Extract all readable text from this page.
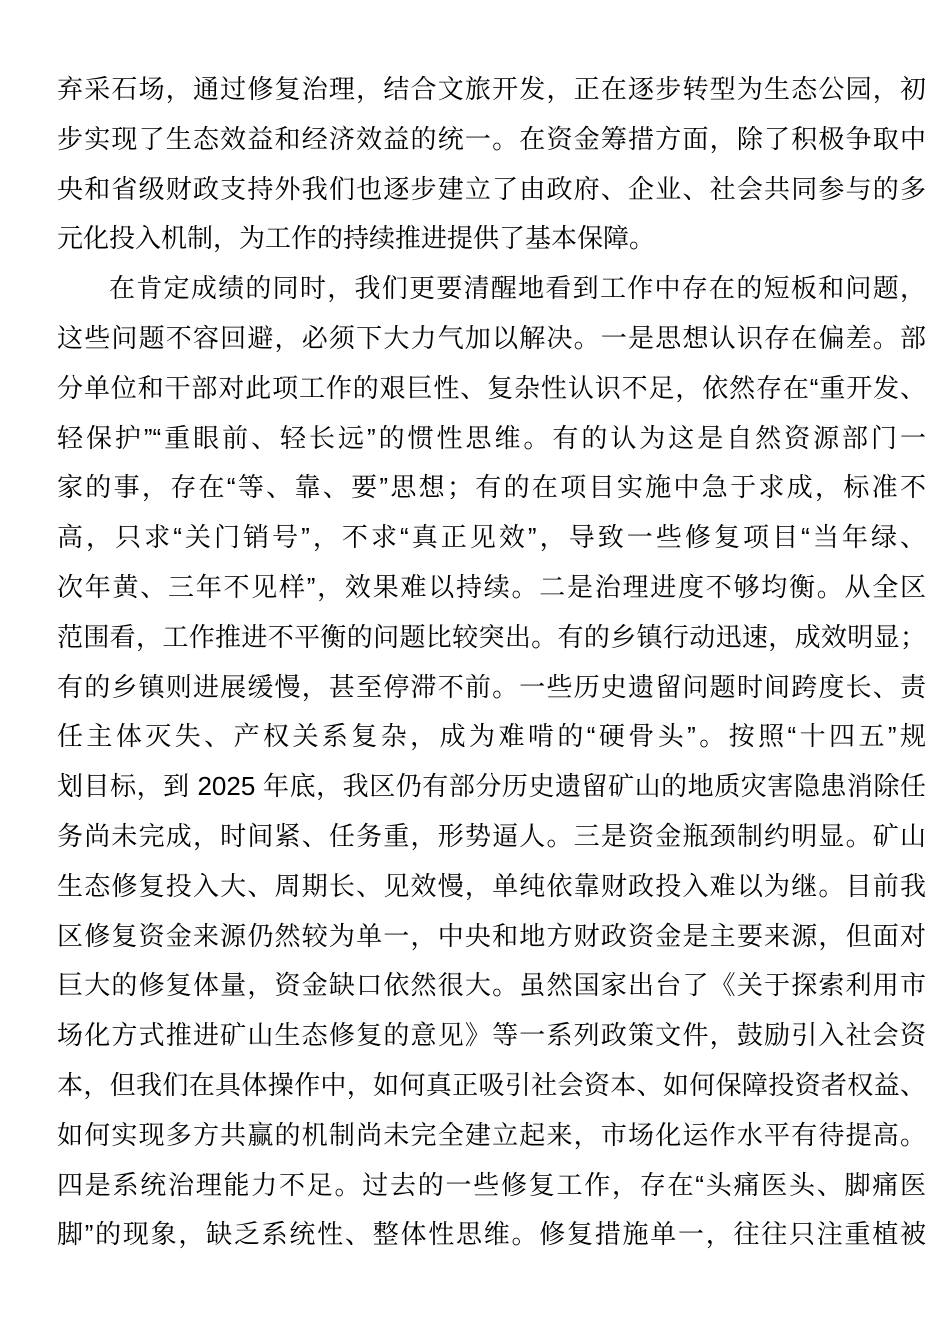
弃采石场，通过修复治理，结合文旅开发，正在逐步转型为生态公园，初
步实现了生态效益和经济效益的统一。在资金筹措方面，除了积极争取中
央和省级财政支持外我们也逐步建立了由政府、企业、社会共同参与的多
元化投入机制，为工作的持续推进提供了基本保障。
在肯定成绩的同时，我们更要清醒地看到工作中存在的短板和问题，
这些问题不容回避，必须下大力气加以解决。一是思想认识存在偏差。部
分单位和干部对此项工作的艰巨性、复杂性认识不足，依然存在“重开发、
轻保护”“重眼前、轻长远”的惯性思维。有的认为这是自然资源部门一
家的事，存在“等、靠、要”思想；有的在项目实施中急于求成，标准不
高，只求“关门销号”，不求“真正见效”，导致一些修复项目“当年绿、
次年黄、三年不见样”，效果难以持续。二是治理进度不够均衡。从全区
范围看，工作推进不平衡的问题比较突出。有的乡镇行动迅速，成效明显；
有的乡镇则进展缓慢，甚至停滞不前。一些历史遗留问题时间跨度长、责
任主体灭失、产权关系复杂，成为难啃的“硬骨头”。按照“十四五”规
划目标，到 2025 年底，我区仍有部分历史遗留矿山的地质灾害隐患消除任
务尚未完成，时间紧、任务重，形势逼人。三是资金瓶颈制约明显。矿山
生态修复投入大、周期长、见效慢，单纯依靠财政投入难以为继。目前我
区修复资金来源仍然较为单一，中央和地方财政资金是主要来源，但面对
巨大的修复体量，资金缺口依然很大。虽然国家出台了《关于探索利用市
场化方式推进矿山生态修复的意见》等一系列政策文件，鼓励引入社会资
本，但我们在具体操作中，如何真正吸引社会资本、如何保障投资者权益、
如何实现多方共赢的机制尚未完全建立起来，市场化运作水平有待提高。
四是系统治理能力不足。过去的一些修复工作，存在“头痛医头、脚痛医
脚”的现象，缺乏系统性、整体性思维。修复措施单一，往往只注重植被
